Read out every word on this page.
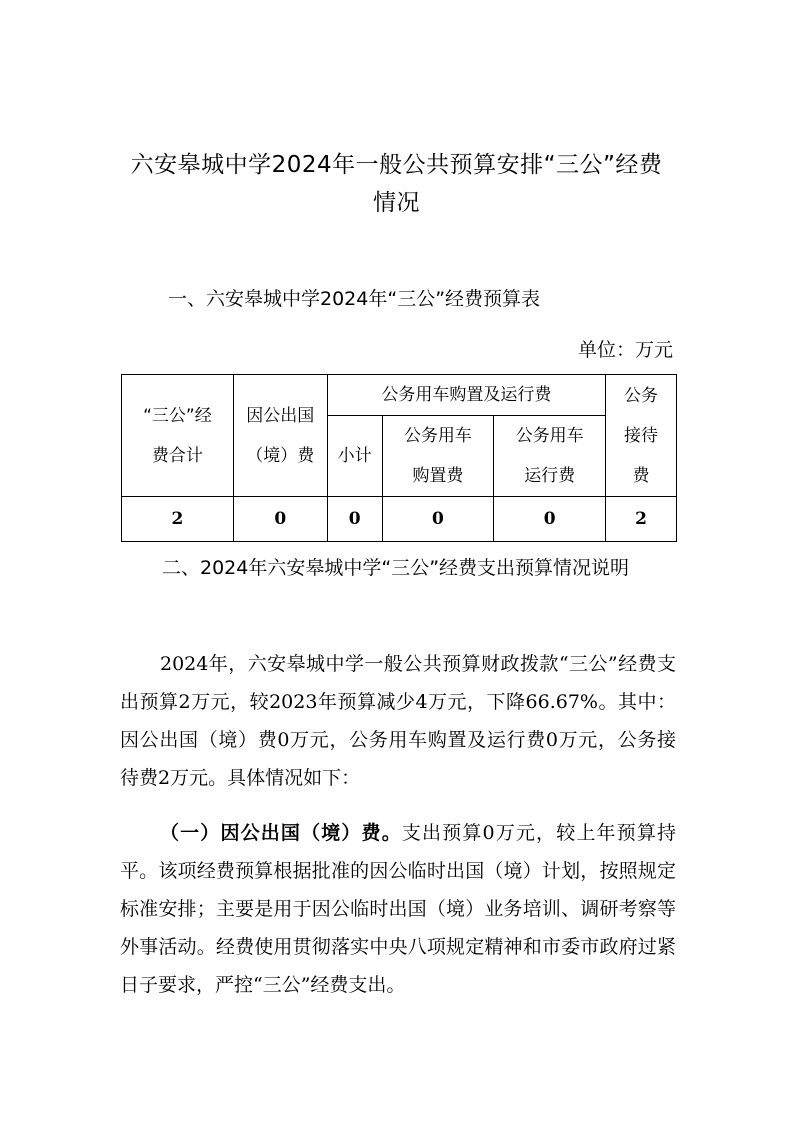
六安皋城中学2024年一般公共预算安排“三公”经费
情况
一、六安皋城中学2024年“三公”经费预算表
单位：万元
“三公”经费合计	因公出国（境）费	公务用车购置及运行费			公务接待费
		小计	公务用车购置费	公务用车运行费	
2	0	0	0	0	2
二、2024年六安皋城中学“三公”经费支出预算情况说明
2024年，六安皋城中学一般公共预算财政拨款“三公”经费支出预算2万元，较2023年预算减少4万元，下降66.67%。其中：因公出国（境）费0万元，公务用车购置及运行费0万元，公务接待费2万元。具体情况如下：
（一）因公出国（境）费。支出预算0万元，较上年预算持平。该项经费预算根据批准的因公临时出国（境）计划，按照规定标准安排；主要是用于因公临时出国（境）业务培训、调研考察等外事活动。经费使用贯彻落实中央八项规定精神和市委市政府过紧日子要求，严控“三公”经费支出。
